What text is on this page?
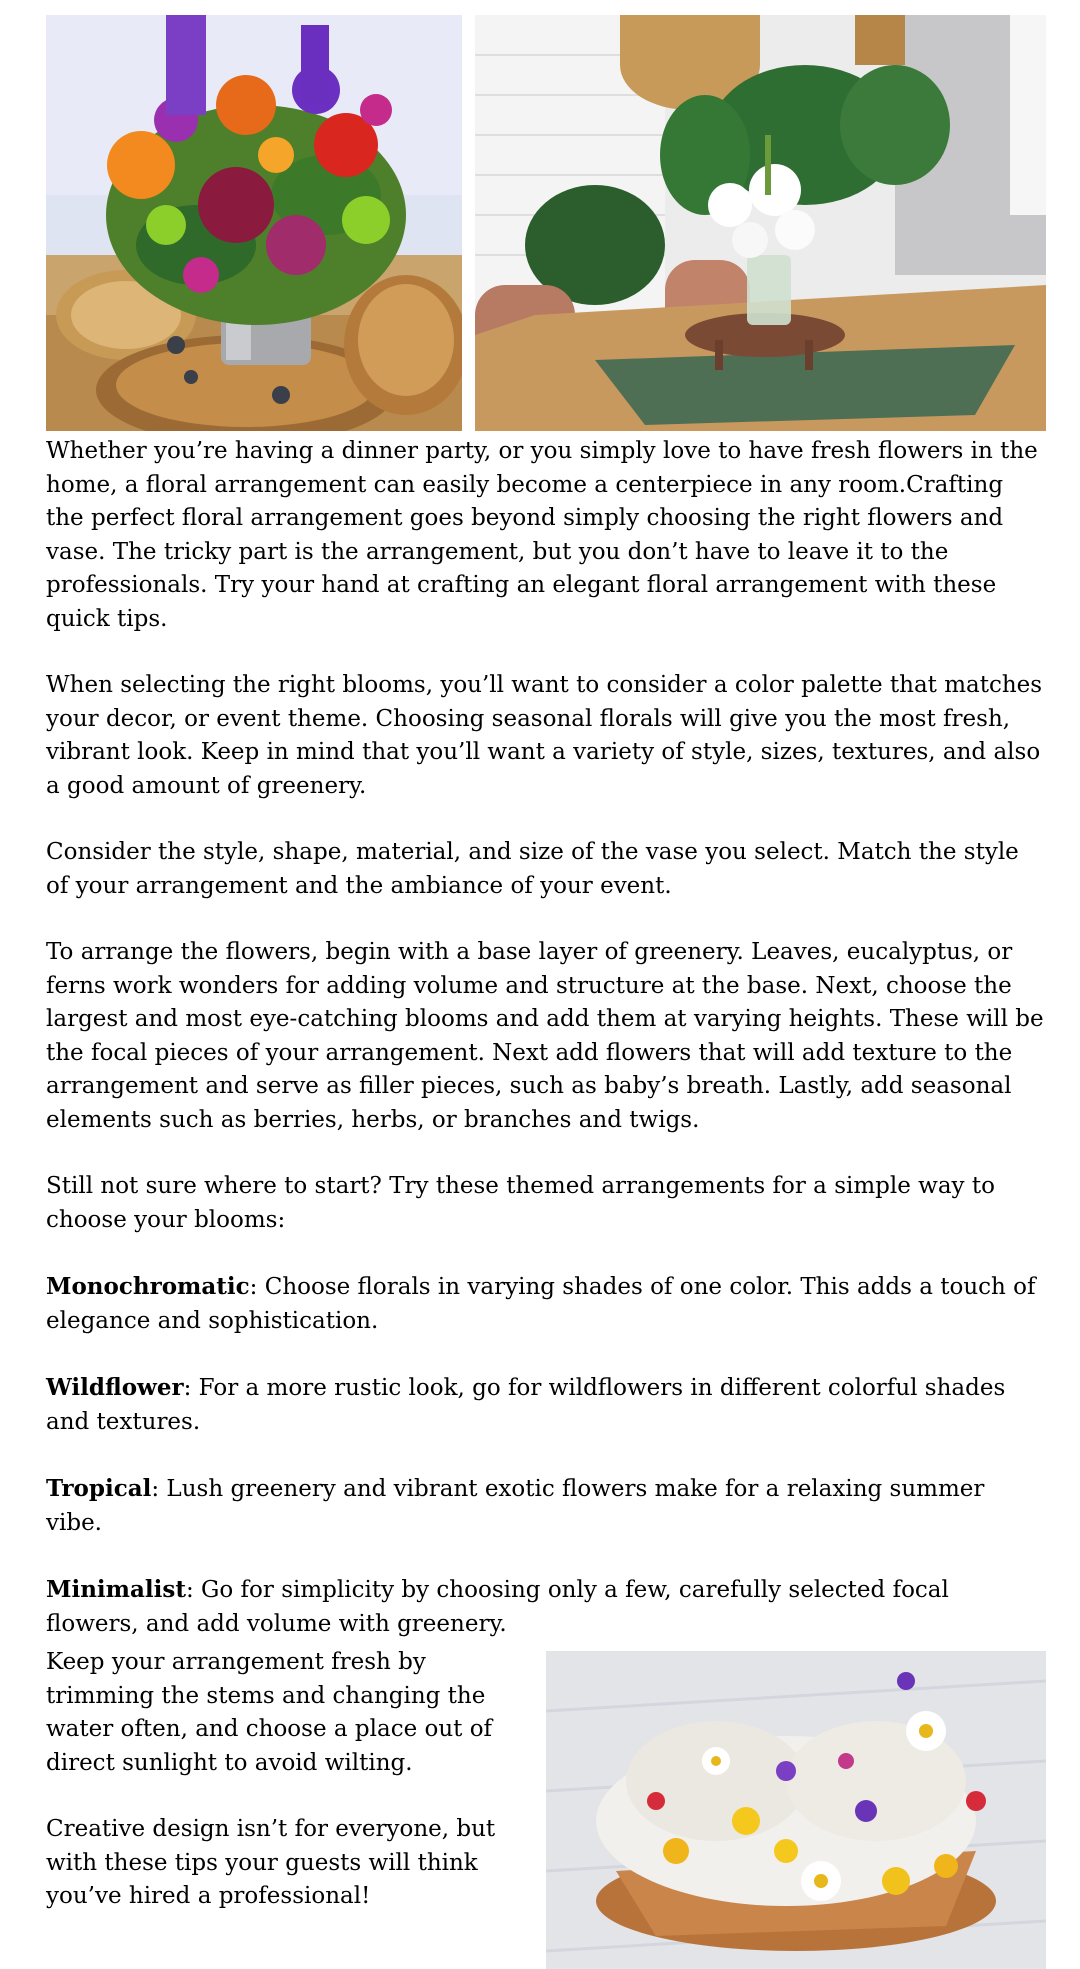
Whether you’re having a dinner party, or you simply love to have fresh flowers in the home, a floral arrangement can easily become a centerpiece in any room.Crafting the perfect floral arrangement goes beyond simply choosing the right flowers and vase. The tricky part is the arrangement, but you don’t have to leave it to the professionals. Try your hand at crafting an elegant floral arrangement with these quick tips.

When selecting the right blooms, you’ll want to consider a color palette that matches your decor, or event theme. Choosing seasonal florals will give you the most fresh, vibrant look. Keep in mind that you’ll want a variety of style, sizes, textures, and also a good amount of greenery.

Consider the style, shape, material, and size of the vase you select. Match the style of your arrangement and the ambiance of your event.

To arrange the flowers, begin with a base layer of greenery. Leaves, eucalyptus, or ferns work wonders for adding volume and structure at the base. Next, choose the largest and most eye-catching blooms and add them at varying heights. These will be the focal pieces of your arrangement. Next add flowers that will add texture to the arrangement and serve as filler pieces, such as baby’s breath. Lastly, add seasonal elements such as berries, herbs, or branches and twigs.

Still not sure where to start? Try these themed arrangements for a simple way to choose your blooms:

Monochromatic: Choose florals in varying shades of one color. This adds a touch of elegance and sophistication.

Wildflower: For a more rustic look, go for wildflowers in different colorful shades and textures.

Tropical: Lush greenery and vibrant exotic flowers make for a relaxing summer vibe.

Minimalist: Go for simplicity by choosing only a few, carefully selected focal flowers, and add volume with greenery.

Keep your arrangement fresh by trimming the stems and changing the water often, and choose a place out of direct sunlight to avoid wilting.

Creative design isn’t for everyone, but with these tips your guests will think you’ve hired a professional!
